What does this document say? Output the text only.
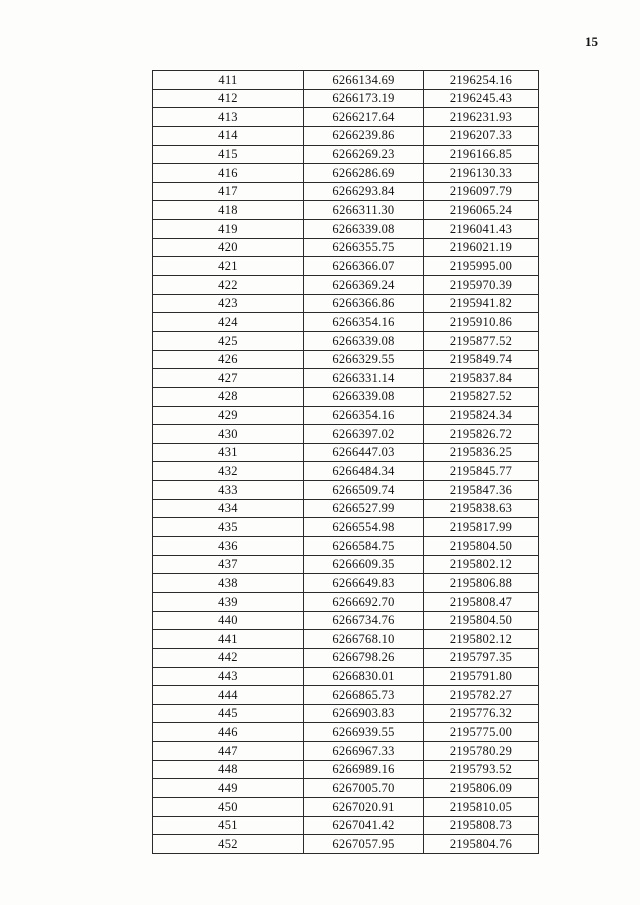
15
411	6266134.69	2196254.16
412	6266173.19	2196245.43
413	6266217.64	2196231.93
414	6266239.86	2196207.33
415	6266269.23	2196166.85
416	6266286.69	2196130.33
417	6266293.84	2196097.79
418	6266311.30	2196065.24
419	6266339.08	2196041.43
420	6266355.75	2196021.19
421	6266366.07	2195995.00
422	6266369.24	2195970.39
423	6266366.86	2195941.82
424	6266354.16	2195910.86
425	6266339.08	2195877.52
426	6266329.55	2195849.74
427	6266331.14	2195837.84
428	6266339.08	2195827.52
429	6266354.16	2195824.34
430	6266397.02	2195826.72
431	6266447.03	2195836.25
432	6266484.34	2195845.77
433	6266509.74	2195847.36
434	6266527.99	2195838.63
435	6266554.98	2195817.99
436	6266584.75	2195804.50
437	6266609.35	2195802.12
438	6266649.83	2195806.88
439	6266692.70	2195808.47
440	6266734.76	2195804.50
441	6266768.10	2195802.12
442	6266798.26	2195797.35
443	6266830.01	2195791.80
444	6266865.73	2195782.27
445	6266903.83	2195776.32
446	6266939.55	2195775.00
447	6266967.33	2195780.29
448	6266989.16	2195793.52
449	6267005.70	2195806.09
450	6267020.91	2195810.05
451	6267041.42	2195808.73
452	6267057.95	2195804.76
